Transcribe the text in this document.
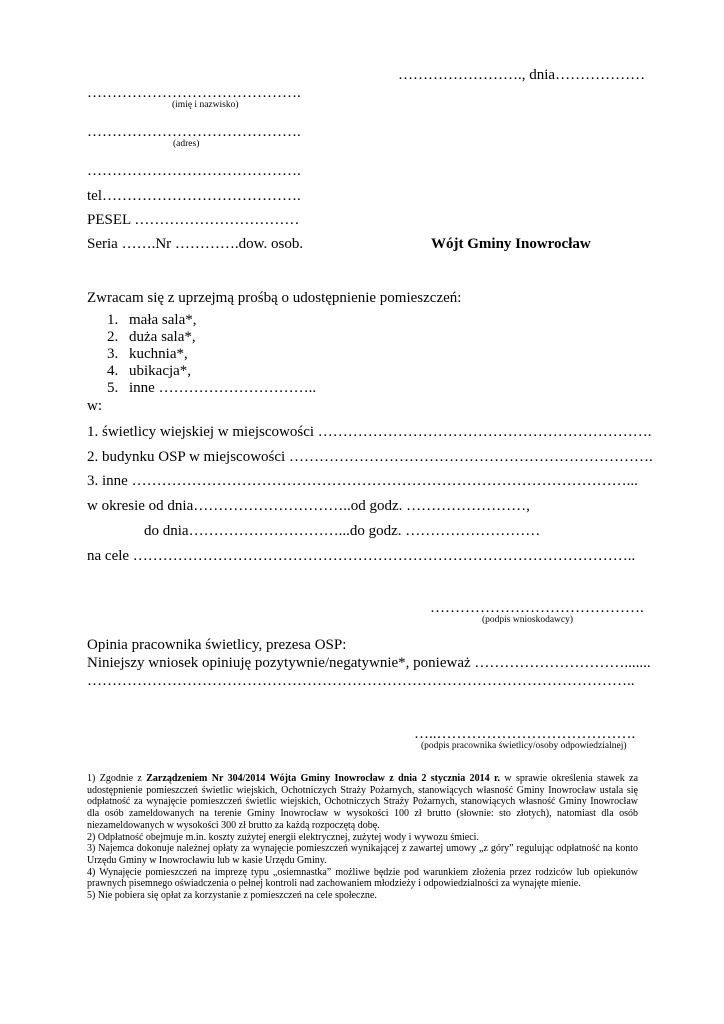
……………………., dnia………………
…………………………………….
(imię i nazwisko)
…………………………………….
(adres)
…………………………………….
tel………………………………….
PESEL ……………………………
Seria …….Nr ………….dow. osob.	Wójt Gminy Inowrocław
Zwracam się z uprzejmą prośbą o udostępnienie pomieszczeń:
1. mała sala*,
2. duża sala*,
3. kuchnia*,
4. ubikacja*,
5. inne …………………………..
w:
1. świetlicy wiejskiej w miejscowości ………………………………………………………….
2. budynku OSP w miejscowości ……………………………………………………………….
3. inne ………………………………………………………………………………………...
w okresie od dnia…………………………..od godz. ……………………,
do dnia…………………………...do godz. ………………………
na cele ………………………………………………………………………………………..
…………………………………….
(podpis wnioskodawcy)
Opinia pracownika świetlicy, prezesa OSP:
Niniejszy wniosek opiniuję pozytywnie/negatywnie*, ponieważ ………………………….......
………………………………………………………………………………………………..
…..………………………………….
(podpis pracownika świetlicy/osoby odpowiedzialnej)

1) Zgodnie z Zarządzeniem Nr 304/2014 Wójta Gminy Inowrocław z dnia 2 stycznia 2014 r. w sprawie określenia stawek za udostępnienie pomieszczeń świetlic wiejskich, Ochotniczych Straży Pożarnych, stanowiących własność Gminy Inowrocław ustala się odpłatność za wynajęcie pomieszczeń świetlic wiejskich, Ochotniczych Straży Pożarnych, stanowiących własność Gminy Inowrocław dla osób zameldowanych na terenie Gminy Inowrocław w wysokości 100 zł brutto (słownie: sto złotych), natomiast dla osób niezameldowanych w wysokości 300 zł brutto za każdą rozpoczętą dobę.

2) Odpłatność obejmuje m.in. koszty zużytej energii elektrycznej, zużytej wody i wywozu śmieci.

3) Najemca dokonuje należnej opłaty za wynajęcie pomieszczeń wynikającej z zawartej umowy „z góry” regulując odpłatność na konto Urzędu Gminy w Inowrocławiu lub w kasie Urzędu Gminy.

4) Wynajęcie pomieszczeń na imprezę typu „osiemnastka” możliwe będzie pod warunkiem złożenia przez rodziców lub opiekunów prawnych pisemnego oświadczenia o pełnej kontroli nad zachowaniem młodzieży i odpowiedzialności za wynajęte mienie.

5) Nie pobiera się opłat za korzystanie z pomieszczeń na cele społeczne.
